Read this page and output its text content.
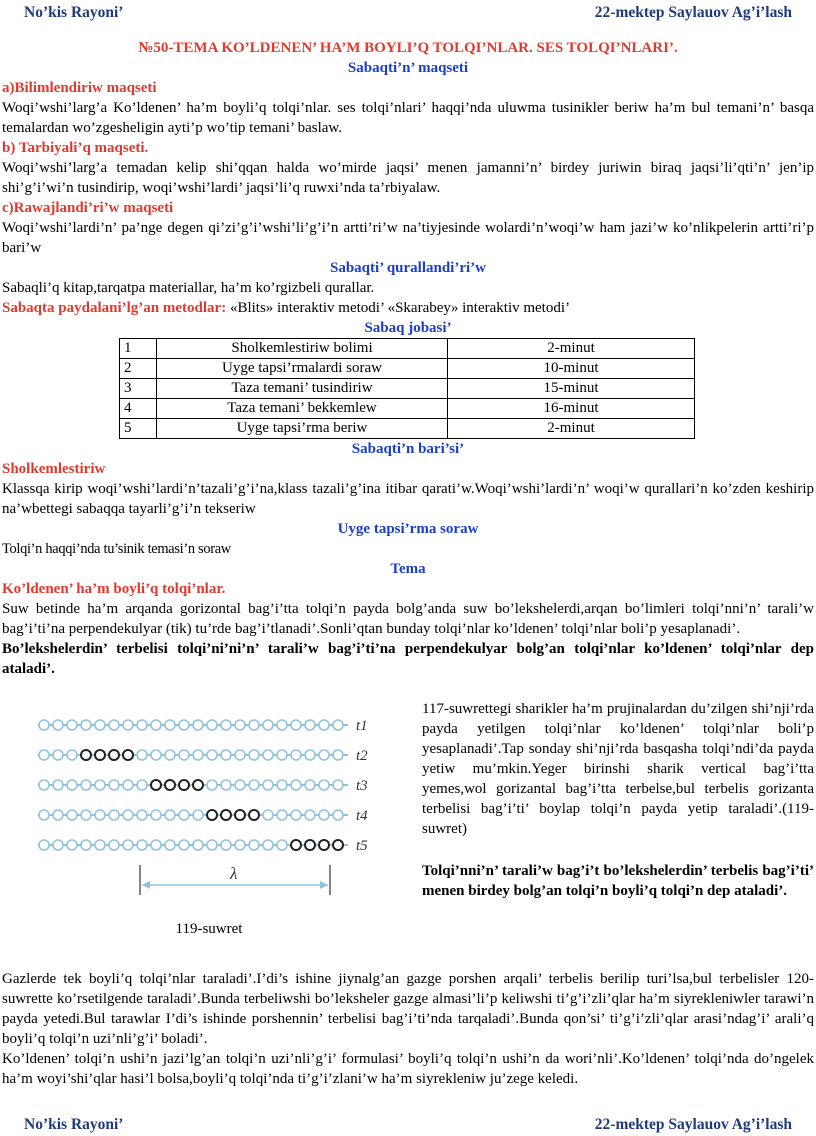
No’kis Rayoni’	22-mektep Saylauov Ag’i’lash

№50-TEMA KO’LDENEN’ HA’M BOYLI’Q TOLQI’NLAR. SES TOLQI’NLARI’.

Sabaqti’n’ maqseti

a)Bilimlendiriw maqseti

Woqi’wshi’larg’a Ko’ldenen’ ha’m boyli’q tolqi’nlar. ses tolqi’nlari’ haqqi’nda uluwma tusinikler beriw ha’m bul temani’n’ basqa temalardan wo’zgesheligin ayti’p wo’tip temani’ baslaw.

b) Tarbiyali’q maqseti.

Woqi’wshi’larg’a temadan kelip shi’qqan halda wo’mirde jaqsi’ menen jamanni’n’ birdey juriwin biraq jaqsi’li’qti’n’ jen’ip shi’g’i’wi’n tusindirip, woqi’wshi’lardi’ jaqsi’li’q ruwxi’nda ta’rbiyalaw.

c)Rawajlandi’ri’w maqseti

Woqi’wshi’lardi’n’ pa’nge degen qi’zi’g’i’wshi’li’g’i’n artti’ri’w na’tiyjesinde wolardi’n’woqi’w ham jazi’w ko’nlikpelerin artti’ri’p bari’w

Sabaqti’ qurallandi’ri’w

Sabaqli’q kitap,tarqatpa materiallar, ha’m ko’rgizbeli qurallar.

Sabaqta paydalani’lg’an metodlar: «Blits» interaktiv metodi’ «Skarabey» interaktiv metodi’

Sabaq jobasi’

1	Sholkemlestiriw bolimi	2-minut
2	Uyge tapsi’rmalardi soraw	10-minut
3	Taza temani’ tusindiriw	15-minut
4	Taza temani’ bekkemlew	16-minut
5	Uyge tapsi’rma beriw	2-minut

Sabaqti’n bari’si’

Sholkemlestiriw

Klassqa kirip woqi’wshi’lardi’n’tazali’g’i’na,klass tazali’g’ina itibar qarati’w.Woqi’wshi’lardi’n’ woqi’w qurallari’n ko’zden keshirip na’wbettegi sabaqqa tayarli’g’i’n tekseriw

Uyge tapsi’rma soraw

Tolqi’n haqqi’nda tu’sinik temasi’n soraw

Tema

Ko’ldenen’ ha’m boyli’q tolqi’nlar.

Suw betinde ha’m arqanda gorizontal bag’i’tta tolqi’n payda bolg’anda suw bo’lekshelerdi,arqan bo’limleri tolqi’nni’n’ tarali’w bag’i’ti’na perpendekulyar (tik) tu’rde bag’i’tlanadi’.Sonli’qtan bunday tolqi’nlar ko’ldenen’ tolqi’nlar boli’p yesaplanadi’.

Bo’lekshelerdin’ terbelisi tolqi’ni’ni’n’ tarali’w bag’i’ti’na perpendekulyar bolg’an tolqi’nlar ko’ldenen’ tolqi’nlar dep ataladi’.

t1
t2
t3
t4
t5
λ
119-suwret

117-suwrettegi sharikler ha’m prujinalardan du’zilgen shi’nji’rda payda yetilgen tolqi’nlar ko’ldenen’ tolqi’nlar boli’p yesaplanadi’.Tap sonday shi’nji’rda basqasha tolqi’ndi’da payda yetiw mu’mkin.Yeger birinshi sharik vertical bag’i’tta yemes,wol gorizantal bag’i’tta terbelse,bul terbelis gorizanta terbelisi bag’i’ti’ boylap tolqi’n payda yetip taraladi’.(119-suwret)

Tolqi’nni’n’ tarali’w bag’i’t bo’lekshelerdin’ terbelis bag’i’ti’ menen birdey bolg’an tolqi’n boyli’q tolqi’n dep ataladi’.

Gazlerde tek boyli’q tolqi’nlar taraladi’.I’di’s ishine jiynalg’an gazge porshen arqali’ terbelis berilip turi’lsa,bul terbelisler 120-suwrette ko’rsetilgende taraladi’.Bunda terbeliwshi bo’leksheler gazge almasi’li’p keliwshi ti’g’i’zli’qlar ha’m siyrekleniwler tarawi’n payda yetedi.Bul tarawlar I’di’s ishinde porshennin’ terbelisi bag’i’ti’nda tarqaladi’.Bunda qon’si’ ti’g’i’zli’qlar arasi’ndag’i’ arali’q boyli’q tolqi’n uzi’nli’g’i’ boladi’.

Ko’ldenen’ tolqi’n ushi’n jazi’lg’an tolqi’n uzi’nli’g’i’ formulasi’ boyli’q tolqi’n ushi’n da wori’nli’.Ko’ldenen’ tolqi’nda do’ngelek ha’m woyi’shi’qlar hasi’l bolsa,boyli’q tolqi’nda ti’g’i’zlani’w ha’m siyrekleniw ju’zege keledi.

No’kis Rayoni’	22-mektep Saylauov Ag’i’lash
